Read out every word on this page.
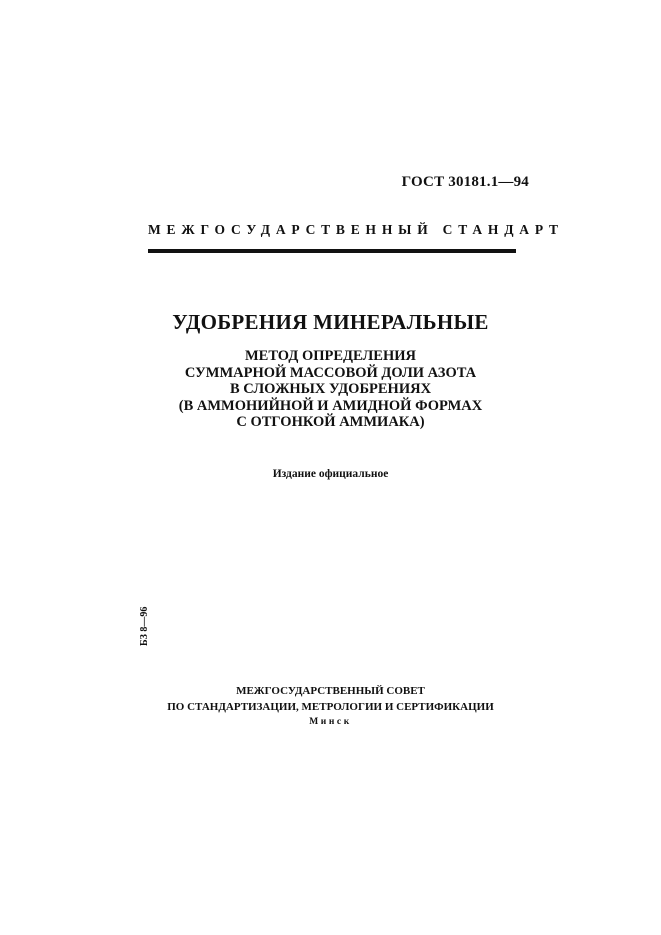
ГОСТ 30181.1—94
МЕЖГОСУДАРСТВЕННЫЙ СТАНДАРТ
УДОБРЕНИЯ МИНЕРАЛЬНЫЕ
МЕТОД ОПРЕДЕЛЕНИЯ
СУММАРНОЙ МАССОВОЙ ДОЛИ АЗОТА
В СЛОЖНЫХ УДОБРЕНИЯХ
(В АММОНИЙНОЙ И АМИДНОЙ ФОРМАХ
С ОТГОНКОЙ АММИАКА)
Издание официальное
БЗ 8—96
МЕЖГОСУДАРСТВЕННЫЙ СОВЕТ
ПО СТАНДАРТИЗАЦИИ, МЕТРОЛОГИИ И СЕРТИФИКАЦИИ
Минск
